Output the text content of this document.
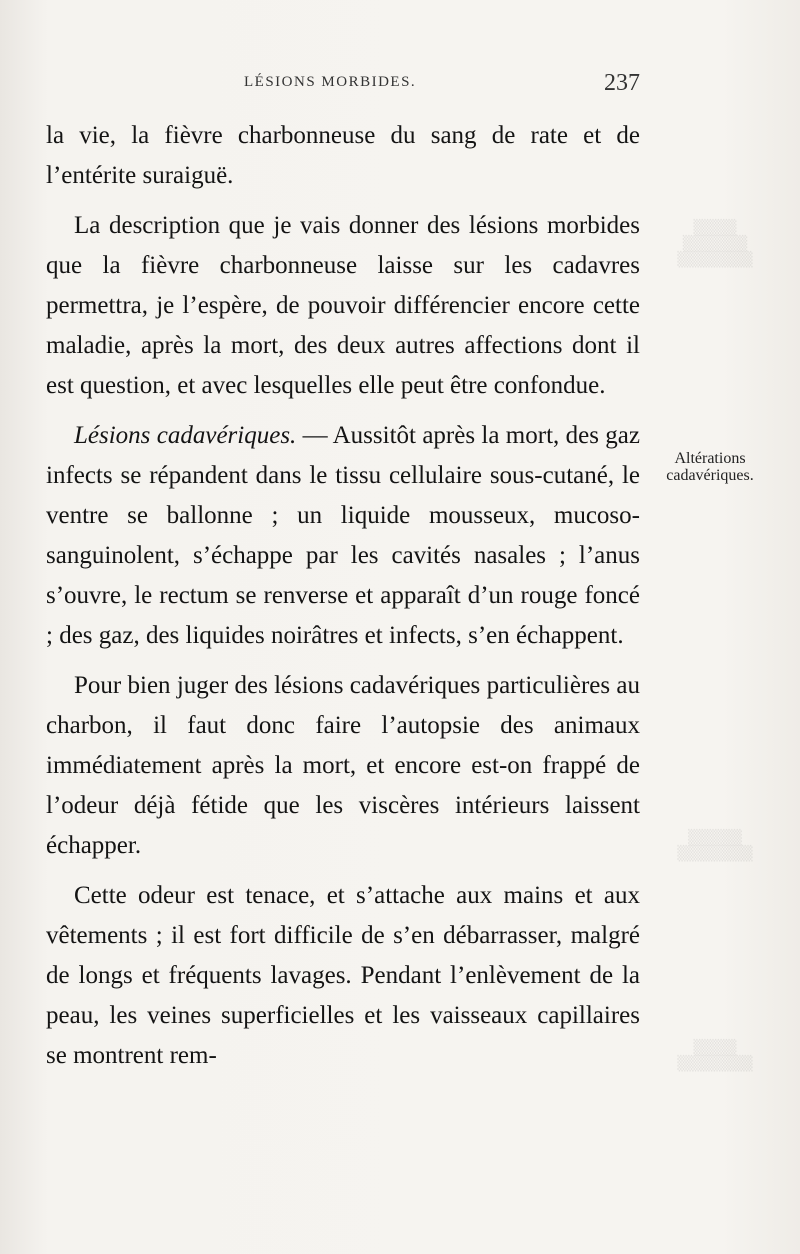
▒▒▒▒
▒▒▒▒▒▒
▒▒▒▒▒▒▒
▒▒▒▒▒
▒▒▒▒▒▒▒
▒▒▒▒
▒▒▒▒▒▒▒
LÉSIONS MORBIDES.	237
Altérations
cadavériques.

la vie, la fièvre charbonneuse du sang de rate et de l’entérite suraiguë.

La description que je vais donner des lésions morbides que la fièvre charbonneuse laisse sur les cadavres permettra, je l’espère, de pouvoir différencier encore cette maladie, après la mort, des deux autres affections dont il est question, et avec lesquelles elle peut être confondue.

Lésions cadavériques. — Aussitôt après la mort, des gaz infects se répandent dans le tissu cellulaire sous-cutané, le ventre se ballonne ; un liquide mousseux, mucoso-sanguinolent, s’échappe par les cavités nasales ; l’anus s’ouvre, le rectum se renverse et apparaît d’un rouge foncé ; des gaz, des liquides noirâtres et infects, s’en échappent.

Pour bien juger des lésions cadavériques particulières au charbon, il faut donc faire l’autopsie des animaux immédiatement après la mort, et encore est-on frappé de l’odeur déjà fétide que les viscères intérieurs laissent échapper.

Cette odeur est tenace, et s’attache aux mains et aux vêtements ; il est fort difficile de s’en débarrasser, malgré de longs et fréquents lavages. Pendant l’enlèvement de la peau, les veines superficielles et les vaisseaux capillaires se montrent rem-
